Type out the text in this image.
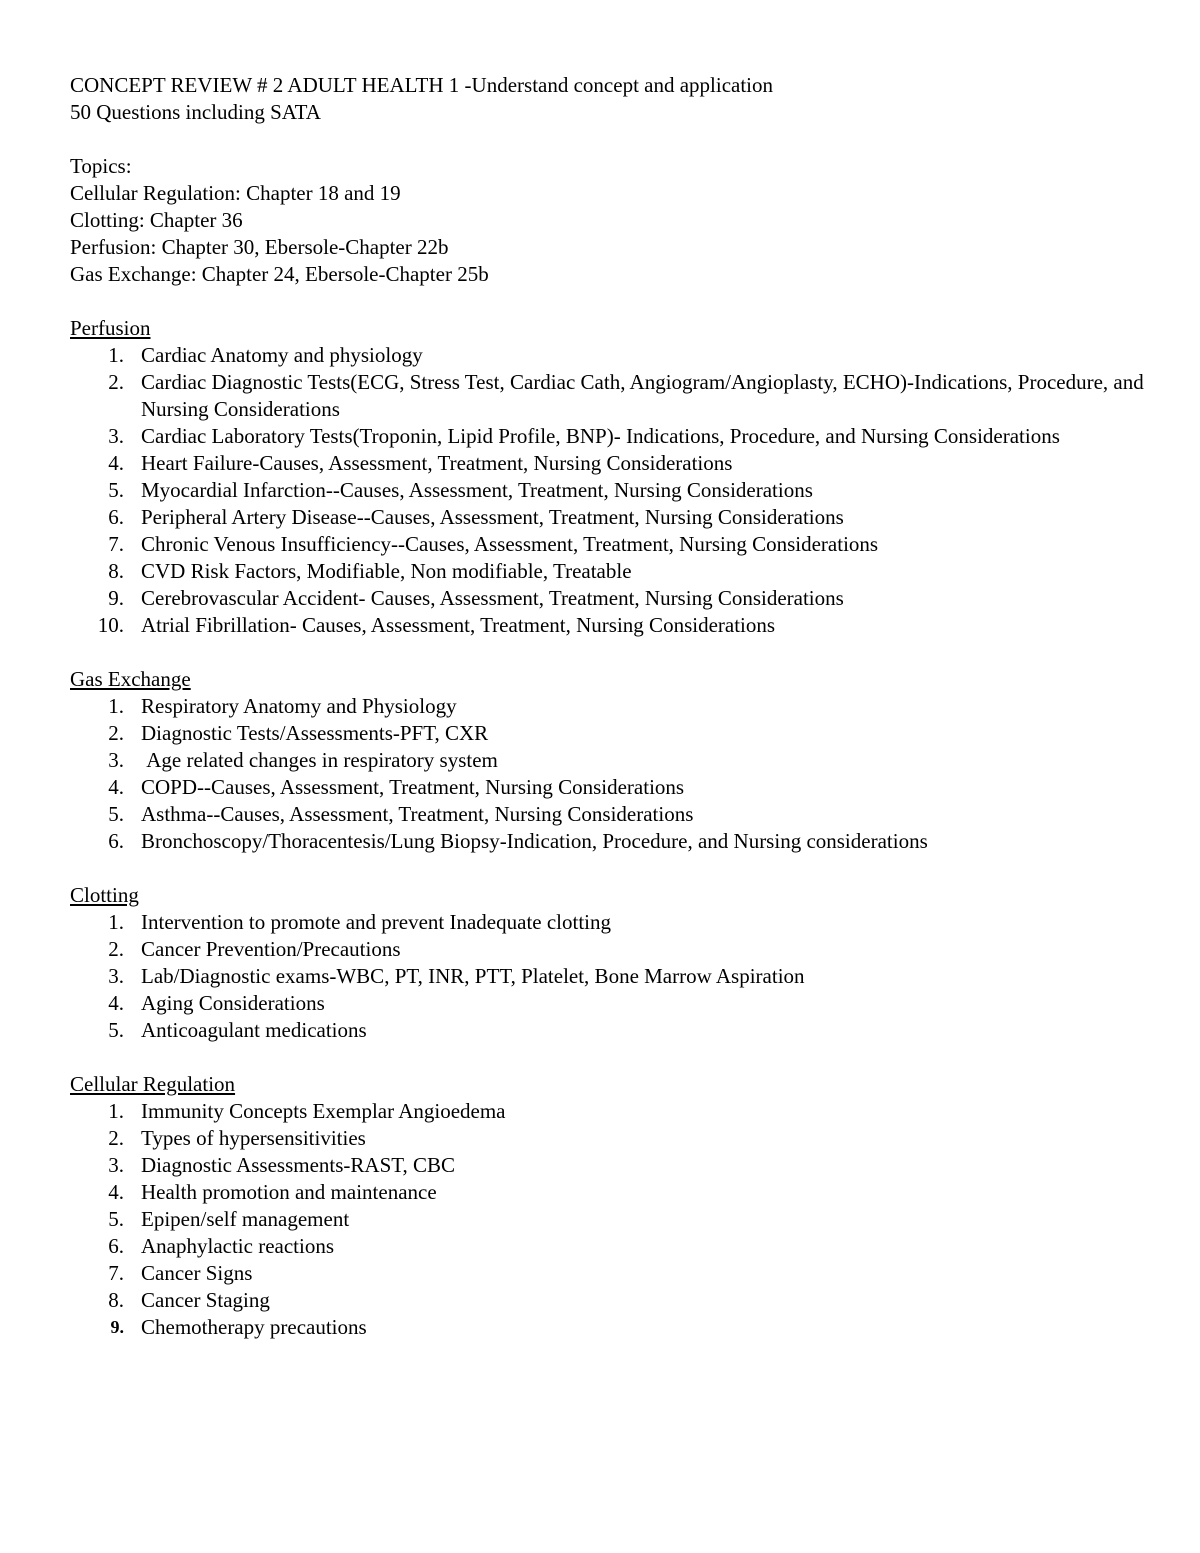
CONCEPT REVIEW # 2 ADULT HEALTH 1 -Understand concept and application
50 Questions including SATA
Topics:
Cellular Regulation: Chapter 18 and 19
Clotting: Chapter 36
Perfusion: Chapter 30, Ebersole-Chapter 22b
Gas Exchange: Chapter 24, Ebersole-Chapter 25b
Perfusion
1. Cardiac Anatomy and physiology
2. Cardiac Diagnostic Tests(ECG, Stress Test, Cardiac Cath, Angiogram/Angioplasty, ECHO)-Indications, Procedure, and Nursing Considerations
3. Cardiac Laboratory Tests(Troponin, Lipid Profile, BNP)- Indications, Procedure, and Nursing Considerations
4. Heart Failure-Causes, Assessment, Treatment, Nursing Considerations
5. Myocardial Infarction--Causes, Assessment, Treatment, Nursing Considerations
6. Peripheral Artery Disease--Causes, Assessment, Treatment, Nursing Considerations
7. Chronic Venous Insufficiency--Causes, Assessment, Treatment, Nursing Considerations
8. CVD Risk Factors, Modifiable, Non modifiable, Treatable
9. Cerebrovascular Accident- Causes, Assessment, Treatment, Nursing Considerations
10. Atrial Fibrillation- Causes, Assessment, Treatment, Nursing Considerations
Gas Exchange
1. Respiratory Anatomy and Physiology
2. Diagnostic Tests/Assessments-PFT, CXR
3. Age related changes in respiratory system
4. COPD--Causes, Assessment, Treatment, Nursing Considerations
5. Asthma--Causes, Assessment, Treatment, Nursing Considerations
6. Bronchoscopy/Thoracentesis/Lung Biopsy-Indication, Procedure, and Nursing considerations
Clotting
1. Intervention to promote and prevent Inadequate clotting
2. Cancer Prevention/Precautions
3. Lab/Diagnostic exams-WBC, PT, INR, PTT, Platelet, Bone Marrow Aspiration
4. Aging Considerations
5. Anticoagulant medications
Cellular Regulation
1. Immunity Concepts Exemplar Angioedema
2. Types of hypersensitivities
3. Diagnostic Assessments-RAST, CBC
4. Health promotion and maintenance
5. Epipen/self management
6. Anaphylactic reactions
7. Cancer Signs
8. Cancer Staging
9. Chemotherapy precautions
